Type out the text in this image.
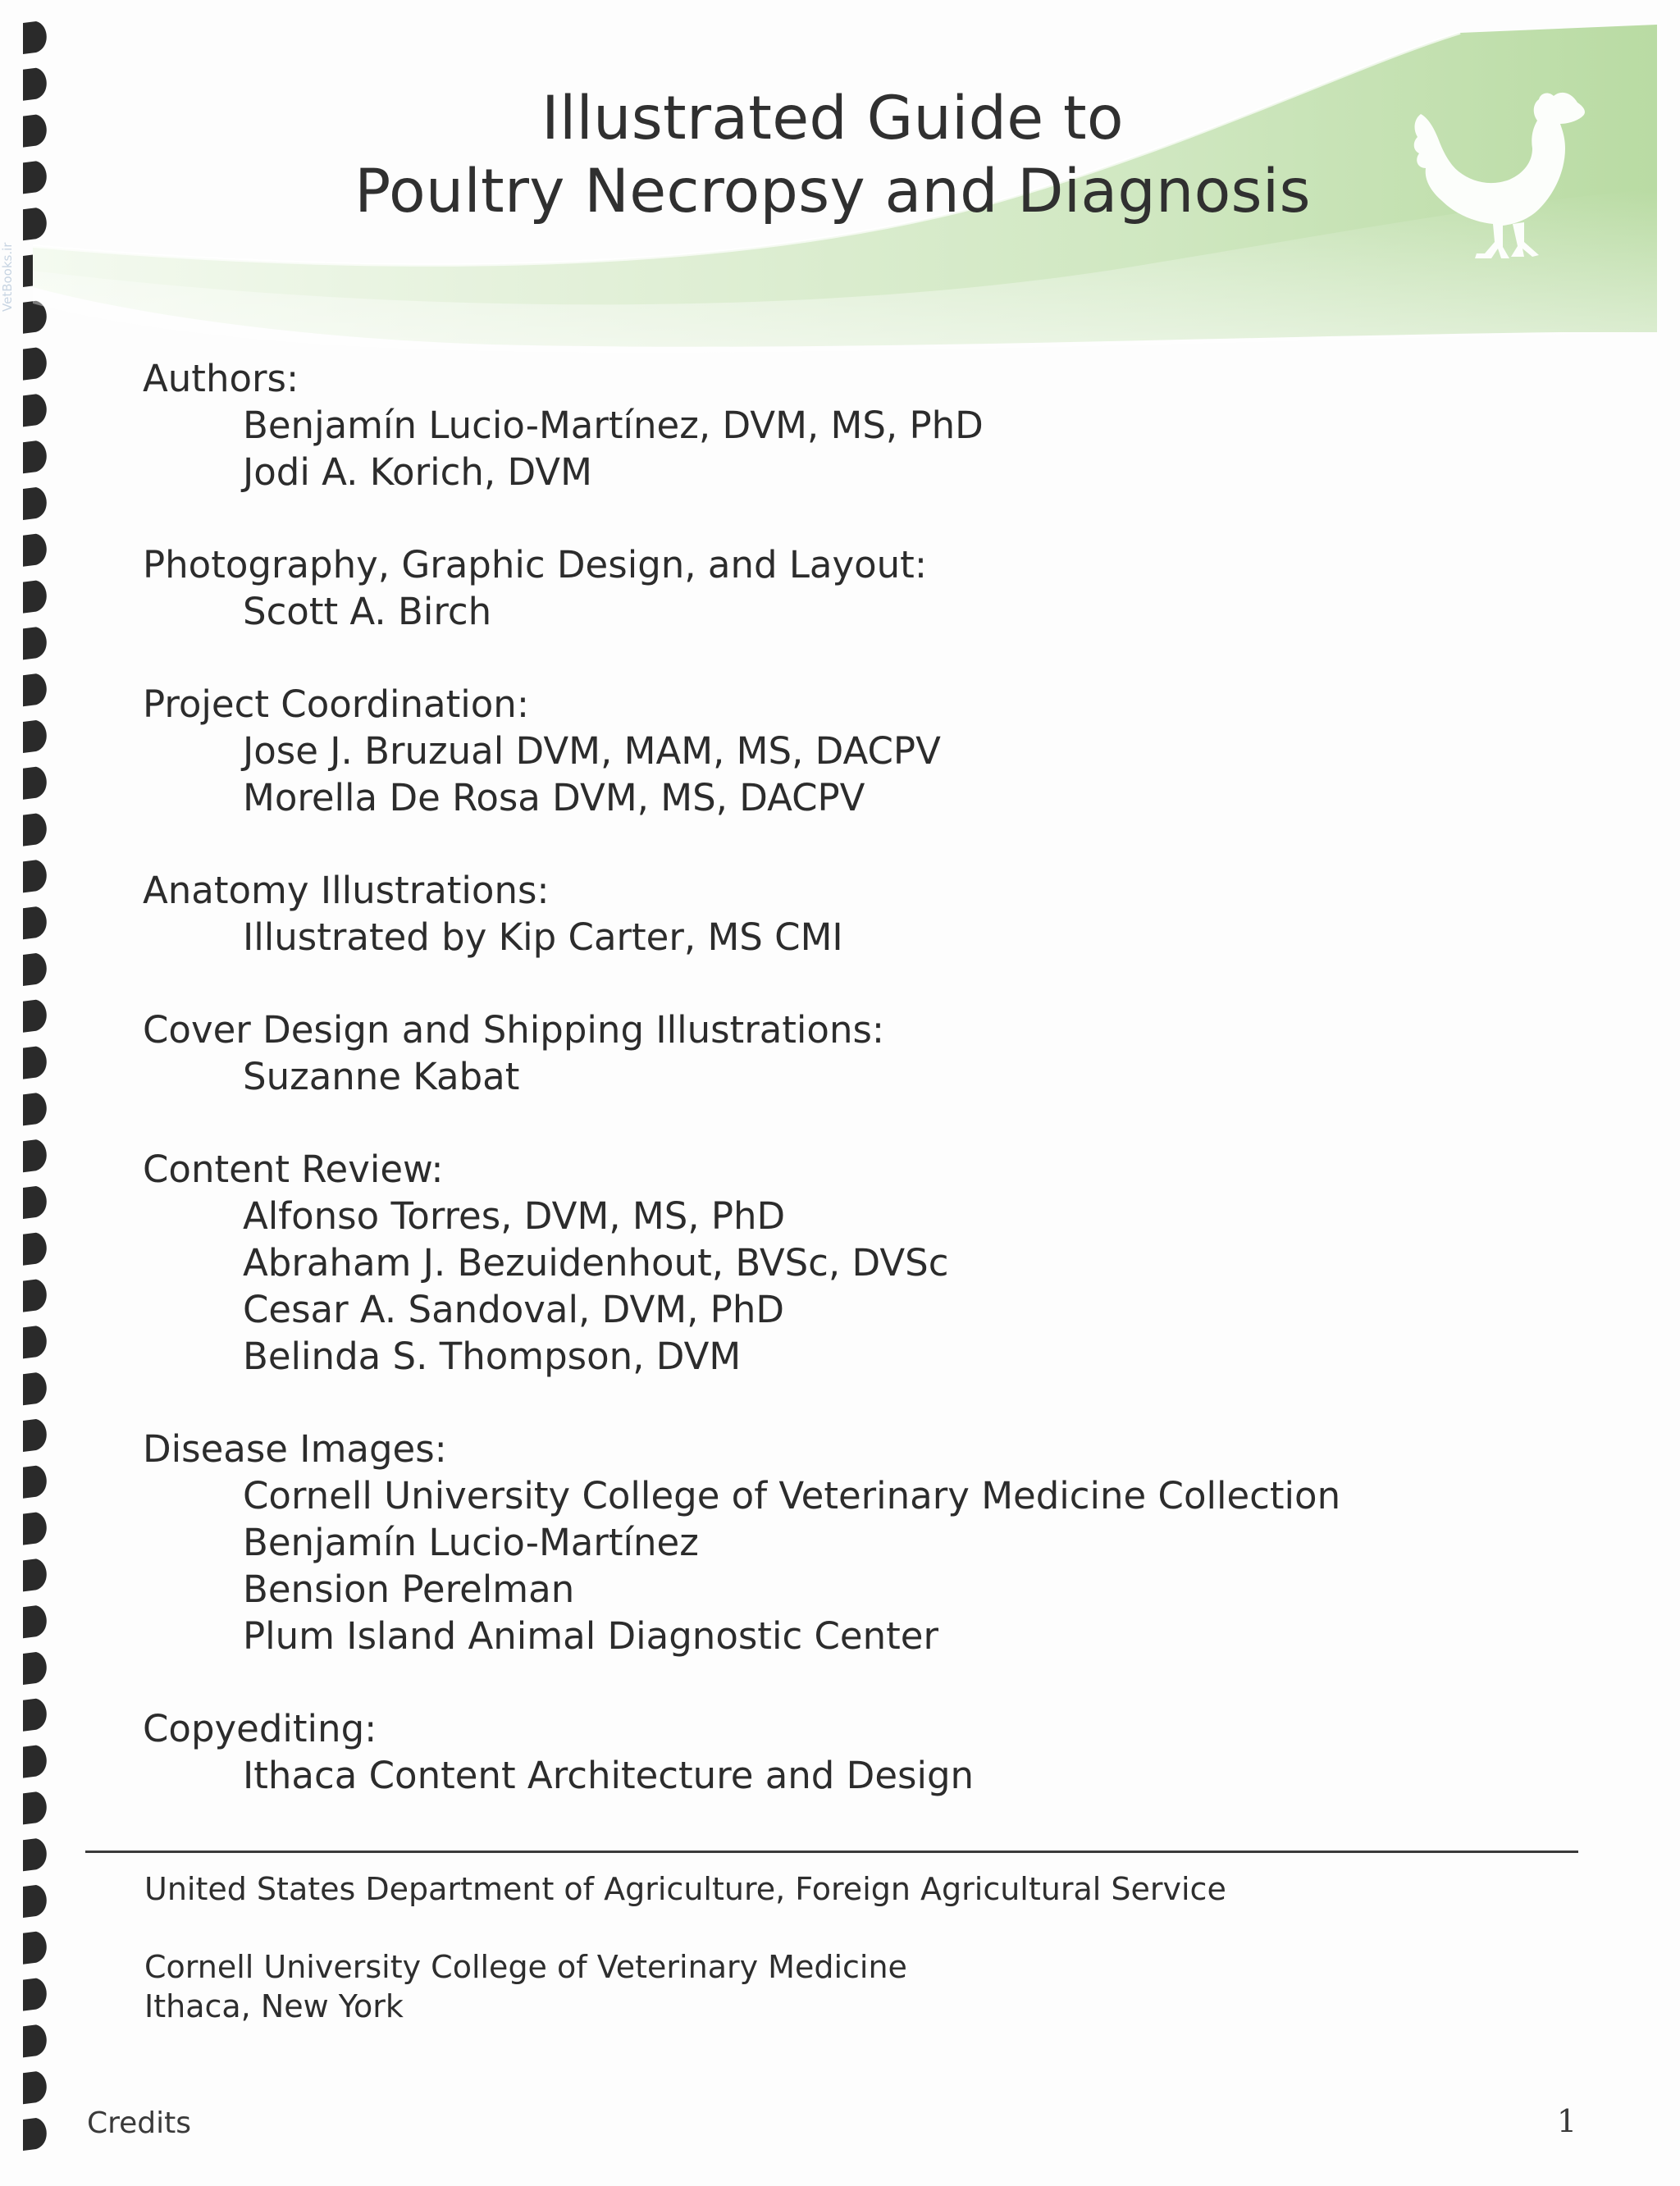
VetBooks.ir
Illustrated Guide to
Poultry Necropsy and Diagnosis
Authors:
Benjamín Lucio-Martínez, DVM, MS, PhD
Jodi A. Korich, DVM
Photography, Graphic Design, and Layout:
Scott A. Birch
Project Coordination:
Jose J. Bruzual DVM, MAM, MS, DACPV
Morella De Rosa DVM, MS, DACPV
Anatomy Illustrations:
Illustrated by Kip Carter, MS CMI
Cover Design and Shipping Illustrations:
Suzanne Kabat
Content Review:
Alfonso Torres, DVM, MS, PhD
Abraham J. Bezuidenhout, BVSc, DVSc
Cesar A. Sandoval, DVM, PhD
Belinda S. Thompson, DVM
Disease Images:
Cornell University College of Veterinary Medicine Collection
Benjamín Lucio-Martínez
Bension Perelman
Plum Island Animal Diagnostic Center
Copyediting:
Ithaca Content Architecture and Design
United States Department of Agriculture, Foreign Agricultural Service
Cornell University College of Veterinary Medicine
Ithaca, New York
Credits	1
